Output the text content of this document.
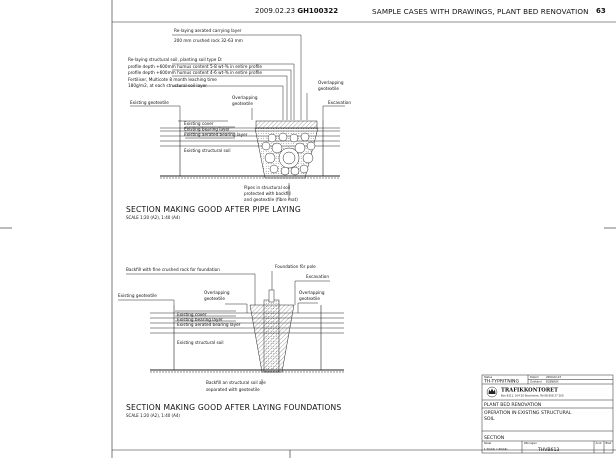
2009.02.23 GH100322	SAMPLE CASES WITH DRAWINGS, PLANT BED RENOVATION 63
Re-laying aerated carrying layer
200 mm crushed rock 32-63 mm
Re-laying structural soil, planting soil type D:
profile depth +600mm humus content 5-8 wt-% in entire profile
profile depth +600mm humus content 4-6 wt-% in entire profile
Fertiliser, Multicote 8 month leaching time
180g/m2, at each structural soil layer
Overlapping
geotextile
Existing geotextile
Overlapping
geotextile	Excavation
Existing cover
Existing bearing layer
Existing aerated bearing layer
Existing structural soil
Pipes in structural soil
protected with backfill
and geotextile (fibre mat)
SECTION MAKING GOOD AFTER PIPE LAYING
SCALE 1:20 (A2), 1:40 (A4)
Foundation för pole
Backfill with fine crushed rock for foundation
Excavation
Existing geotextile
Overlapping
geotextile
Overlapping
geotextile
Existing cover
Existing bearing layer
Existing aerated bearing layer
Existing structural soil
Backfill an structural soil are
separated with geotextile
SECTION MAKING GOOD AFTER LAYING FOUNDATIONS
SCALE 1:20 (A2), 1:40 (A4)
Status
TH-TYPRITNING
Datum	2009-02-23
Godkänd EGENBOX
TRAFIKKONTORET
Box 8311, 104 20 Stockholm, Tel 08-508 27 200
PLANT BED RENOVATION
OPERATION IN EXISTING STRUCTURAL
SOIL
SECTION
Skala
1:20(A2) 1:40(A4)
Ritningsnr
THVB613
Ändr	Blad
